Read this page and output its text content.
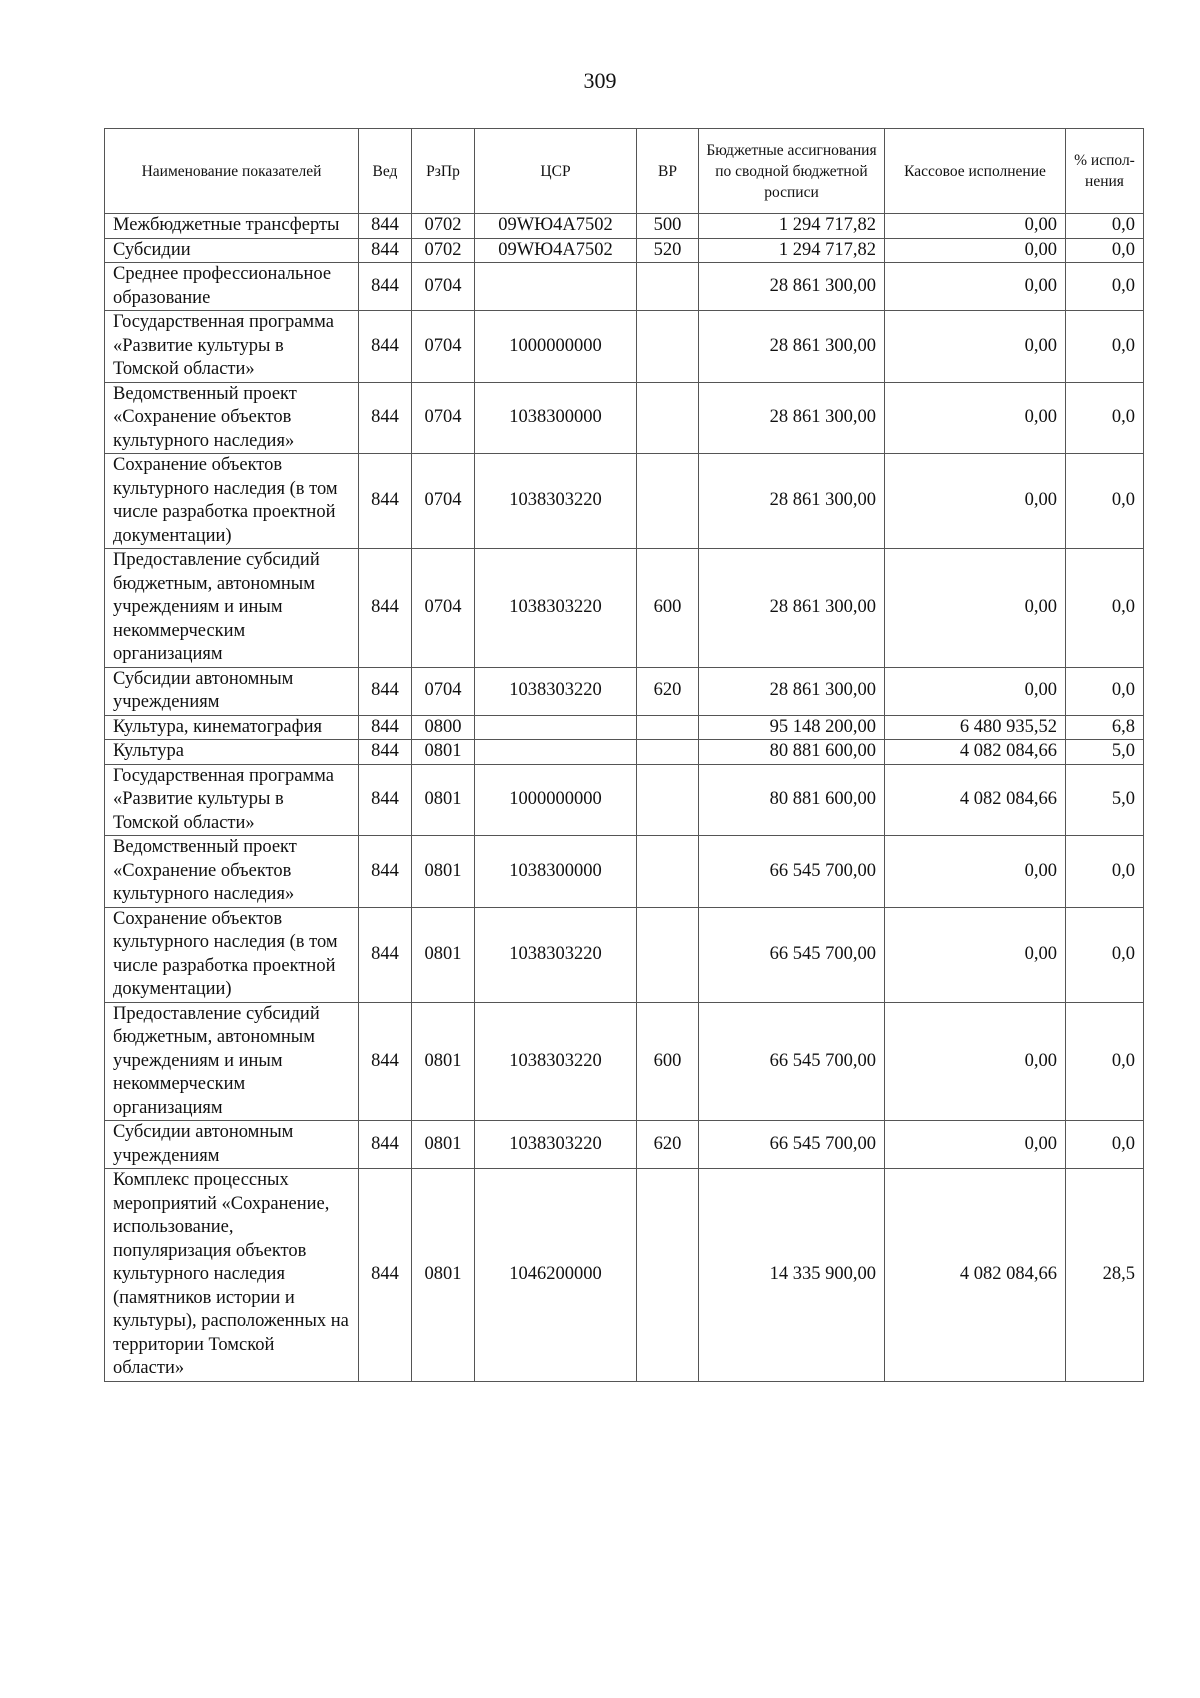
309
Наименование показателей	Вед	РзПр	ЦСР	ВР	Бюджетные ассигнования по сводной бюджетной росписи	Кассовое исполнение	% испол-нения
Межбюджетные трансферты	844	0702	09WЮ4A7502	500	1 294 717,82	0,00	0,0
Субсидии	844	0702	09WЮ4A7502	520	1 294 717,82	0,00	0,0
Среднее профессиональное образование	844	0704			28 861 300,00	0,00	0,0
Государственная программа «Развитие культуры в Томской области»	844	0704	1000000000		28 861 300,00	0,00	0,0
Ведомственный проект «Сохранение объектов культурного наследия»	844	0704	1038300000		28 861 300,00	0,00	0,0
Сохранение объектов культурного наследия (в том числе разработка проектной документации)	844	0704	1038303220		28 861 300,00	0,00	0,0
Предоставление субсидий бюджетным, автономным учреждениям и иным некоммерческим организациям	844	0704	1038303220	600	28 861 300,00	0,00	0,0
Субсидии автономным учреждениям	844	0704	1038303220	620	28 861 300,00	0,00	0,0
Культура, кинематография	844	0800			95 148 200,00	6 480 935,52	6,8
Культура	844	0801			80 881 600,00	4 082 084,66	5,0
Государственная программа «Развитие культуры в Томской области»	844	0801	1000000000		80 881 600,00	4 082 084,66	5,0
Ведомственный проект «Сохранение объектов культурного наследия»	844	0801	1038300000		66 545 700,00	0,00	0,0
Сохранение объектов культурного наследия (в том числе разработка проектной документации)	844	0801	1038303220		66 545 700,00	0,00	0,0
Предоставление субсидий бюджетным, автономным учреждениям и иным некоммерческим организациям	844	0801	1038303220	600	66 545 700,00	0,00	0,0
Субсидии автономным учреждениям	844	0801	1038303220	620	66 545 700,00	0,00	0,0
Комплекс процессных мероприятий «Сохранение, использование, популяризация объектов культурного наследия (памятников истории и культуры), расположенных на территории Томской области»	844	0801	1046200000		14 335 900,00	4 082 084,66	28,5
